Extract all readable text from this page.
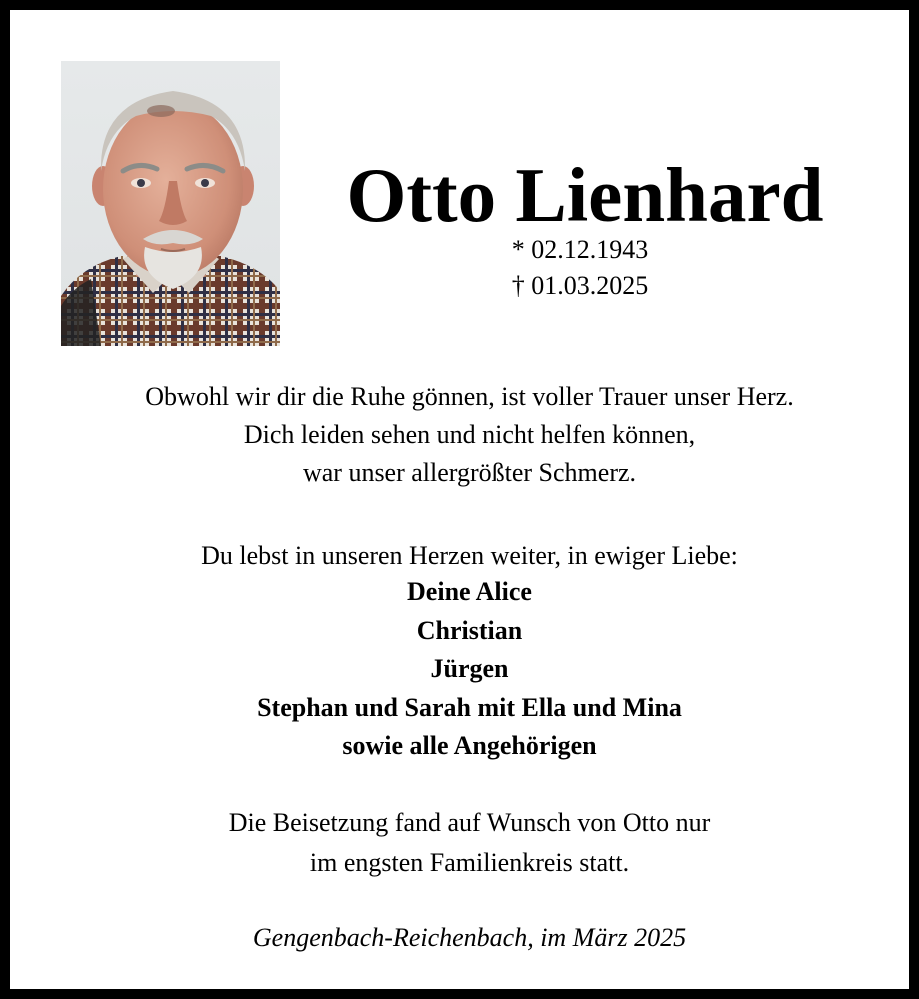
Otto Lienhard
* 02.12.1943
† 01.03.2025
Obwohl wir dir die Ruhe gönnen, ist voller Trauer unser Herz.
Dich leiden sehen und nicht helfen können,
war unser allergrößter Schmerz.
Du lebst in unseren Herzen weiter, in ewiger Liebe:
Deine Alice
Christian
Jürgen
Stephan und Sarah mit Ella und Mina
sowie alle Angehörigen
Die Beisetzung fand auf Wunsch von Otto nur
im engsten Familienkreis statt.
Gengenbach-Reichenbach, im März 2025
